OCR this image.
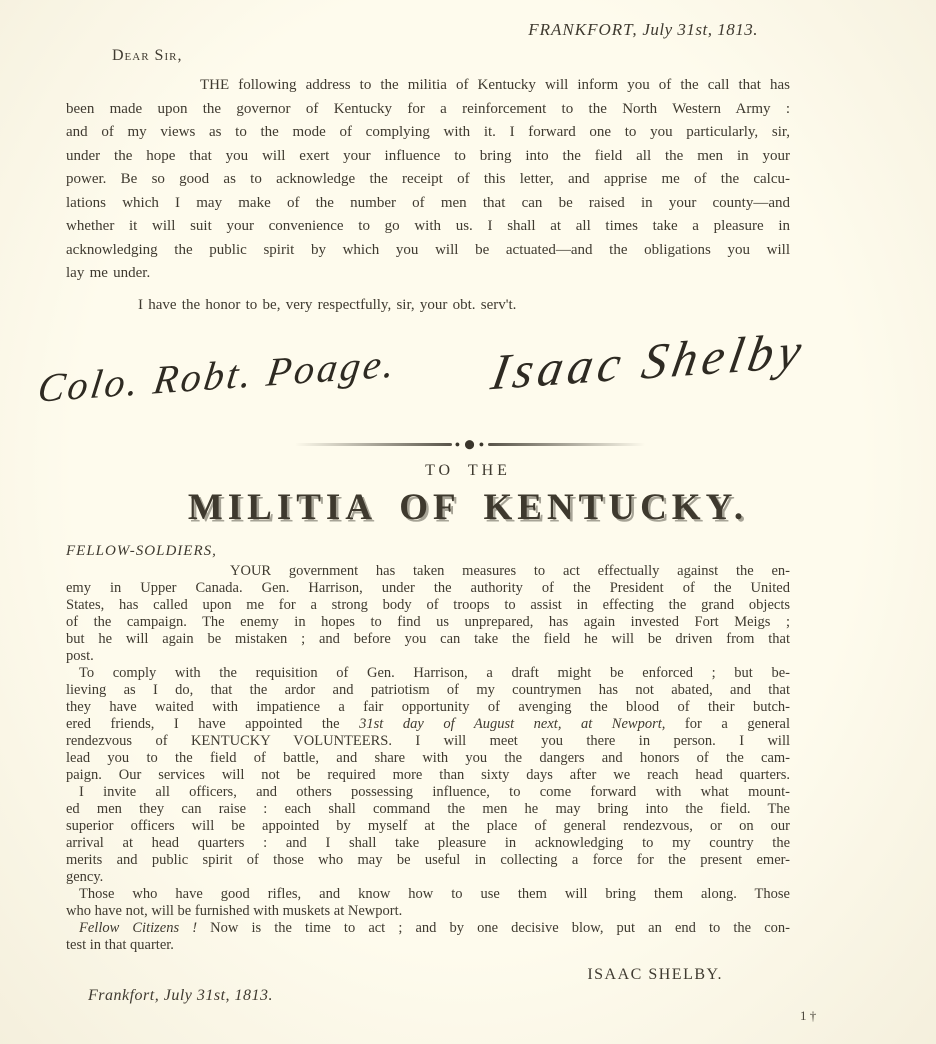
FRANKFORT, July 31st, 1813.
Dear Sir,
THE following address to the militia of Kentucky will inform you of the call that has
been made upon the governor of Kentucky for a reinforcement to the North Western Army :
and of my views as to the mode of complying with it. I forward one to you particularly, sir,
under the hope that you will exert your influence to bring into the field all the men in your
power. Be so good as to acknowledge the receipt of this letter, and apprise me of the calcu-
lations which I may make of the number of men that can be raised in your county—and
whether it will suit your convenience to go with us. I shall at all times take a pleasure in
acknowledging the public spirit by which you will be actuated—and the obligations you will
lay me under.
I have the honor to be, very respectfully, sir, your obt. serv't.
Colo. Robt. Poage. Isaac Shelby
● ⬤ ●
TO THE
MILITIA OF KENTUCKY.
FELLOW-SOLDIERS,
YOUR government has taken measures to act effectually against the en-
emy in Upper Canada. Gen. Harrison, under the authority of the President of the United
States, has called upon me for a strong body of troops to assist in effecting the grand objects
of the campaign. The enemy in hopes to find us unprepared, has again invested Fort Meigs ;
but he will again be mistaken ; and before you can take the field he will be driven from that
post.
To comply with the requisition of Gen. Harrison, a draft might be enforced ; but be-
lieving as I do, that the ardor and patriotism of my countrymen has not abated, and that
they have waited with impatience a fair opportunity of avenging the blood of their butch-
ered friends, I have appointed the 31st day of August next, at Newport, for a general
rendezvous of KENTUCKY VOLUNTEERS. I will meet you there in person. I will
lead you to the field of battle, and share with you the dangers and honors of the cam-
paign. Our services will not be required more than sixty days after we reach head quarters.
I invite all officers, and others possessing influence, to come forward with what mount-
ed men they can raise : each shall command the men he may bring into the field. The
superior officers will be appointed by myself at the place of general rendezvous, or on our
arrival at head quarters : and I shall take pleasure in acknowledging to my country the
merits and public spirit of those who may be useful in collecting a force for the present emer-
gency.
Those who have good rifles, and know how to use them will bring them along. Those
who have not, will be furnished with muskets at Newport.
Fellow Citizens ! Now is the time to act ; and by one decisive blow, put an end to the con-
test in that quarter.
ISAAC SHELBY.
Frankfort, July 31st, 1813.
1 †
